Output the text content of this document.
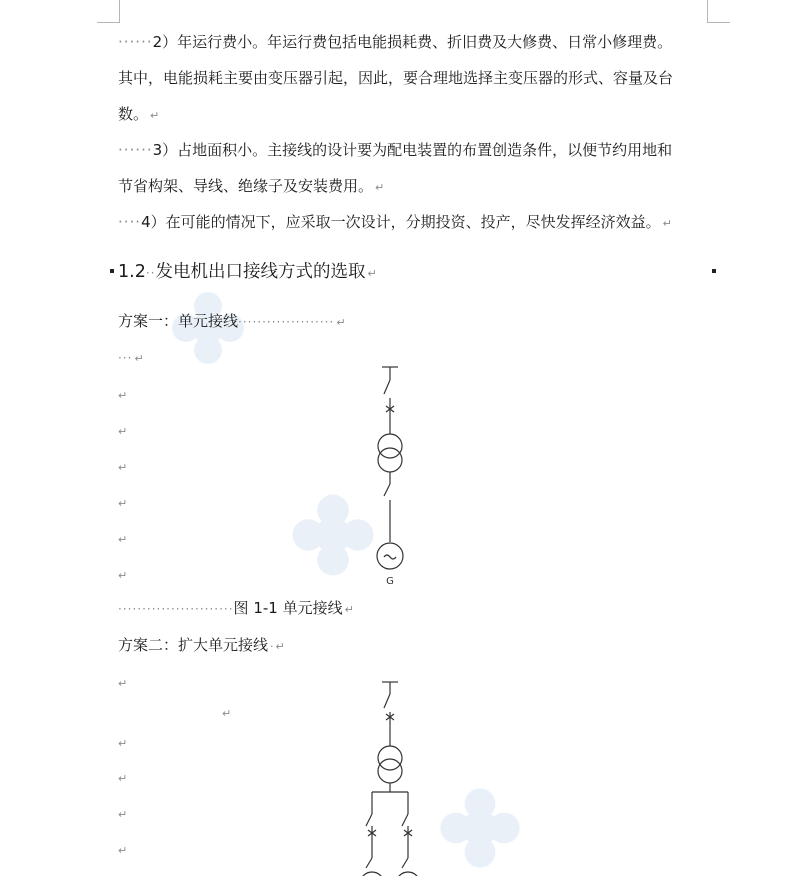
······2）年运行费小。年运行费包括电能损耗费、折旧费及大修费、日常小修理费。
其中，电能损耗主要由变压器引起，因此，要合理地选择主变压器的形式、容量及台
数。 ↵
······3）占地面积小。主接线的设计要为配电装置的布置创造条件，以便节约用地和
节省构架、导线、绝缘子及安装费用。 ↵
····4）在可能的情况下，应采取一次设计，分期投资、投产，尽快发挥经济效益。 ↵
1.2··发电机出口接线方式的选取 ↵
方案一：单元接线···················· ↵
··· ↵
↵
↵
↵
↵
↵
↵	G
························图 1-1 单元接线 ↵
方案二：扩大单元接线 · ↵
↵
↵
↵
↵
↵
↵
